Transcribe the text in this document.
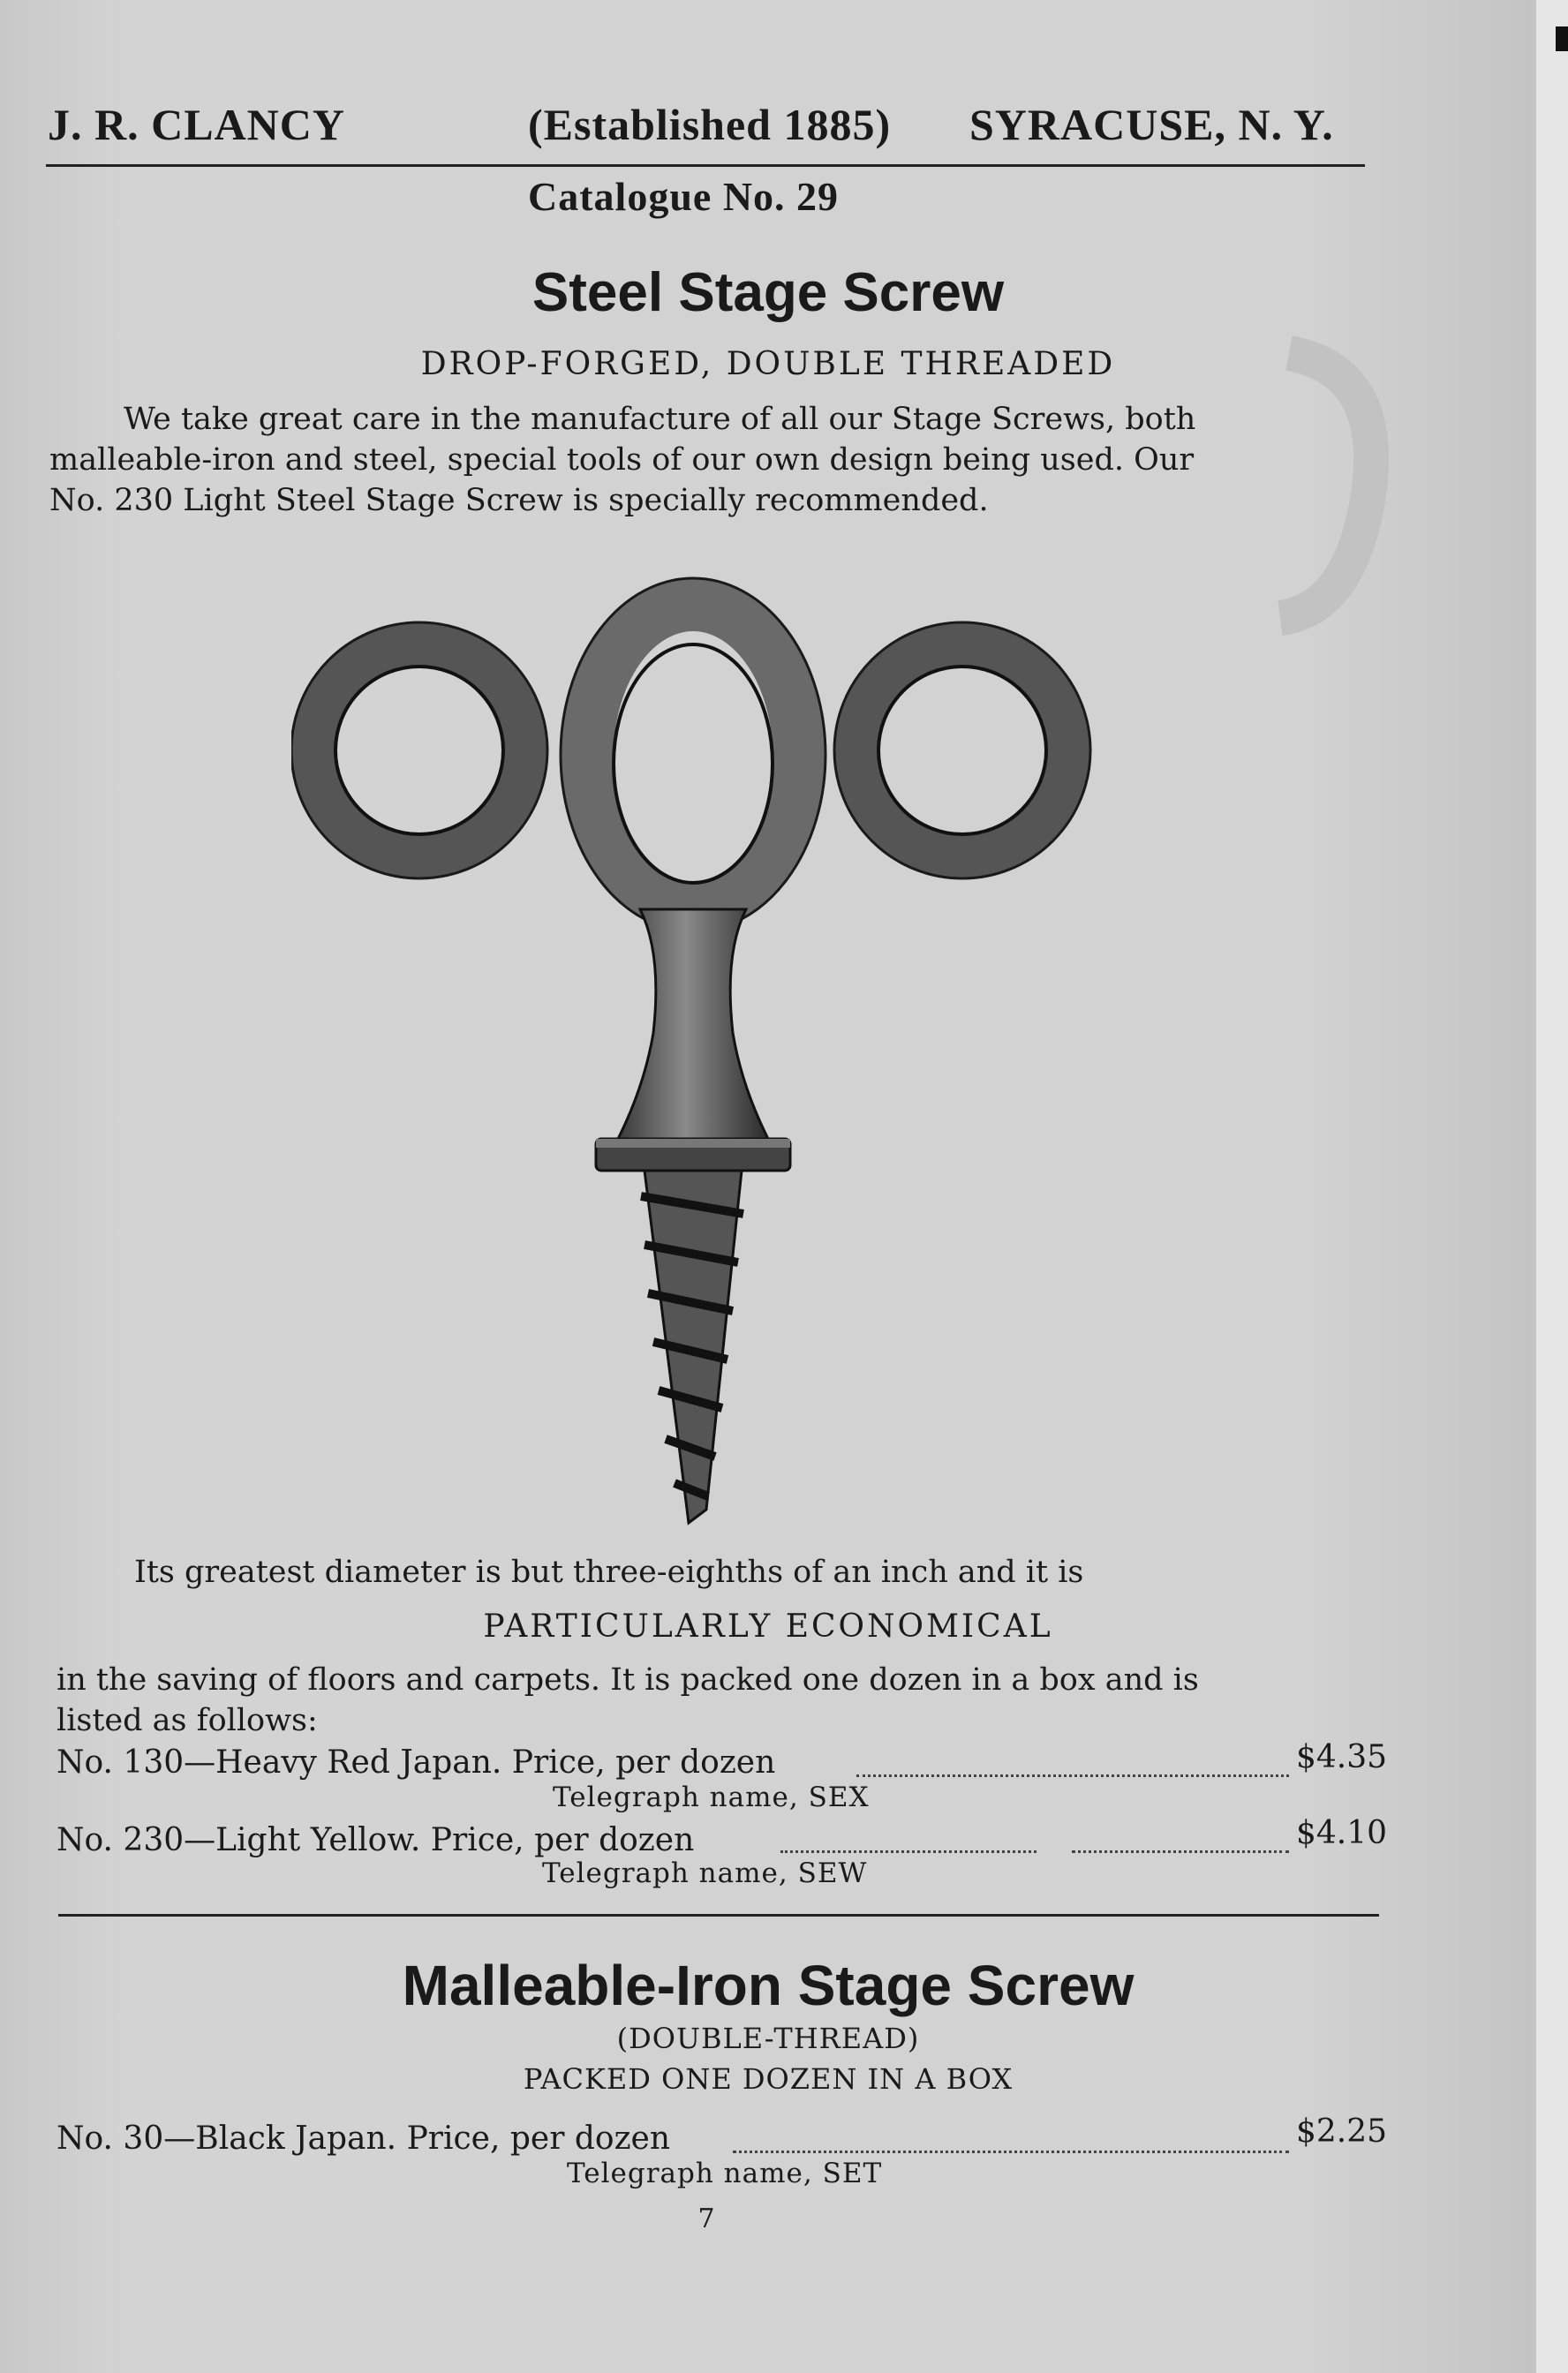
J. R. CLANCY	(Established 1885) SYRACUSE, N. Y.
Catalogue No. 29
Steel Stage Screw
DROP-FORGED, DOUBLE THREADED
We take great care in the manufacture of all our Stage Screws, both
malleable-iron and steel, special tools of our own design being used. Our
No. 230 Light Steel Stage Screw is specially recommended.
Its greatest diameter is but three-eighths of an inch and it is
PARTICULARLY ECONOMICAL
in the saving of floors and carpets. It is packed one dozen in a box and is
listed as follows:
No. 130—Heavy Red Japan. Price, per dozen	$4.35
Telegraph name, SEX
No. 230—Light Yellow. Price, per dozen	$4.10
Telegraph name, SEW
Malleable-Iron Stage Screw
(DOUBLE-THREAD)
PACKED ONE DOZEN IN A BOX
No. 30—Black Japan. Price, per dozen	$2.25
Telegraph name, SET
7
